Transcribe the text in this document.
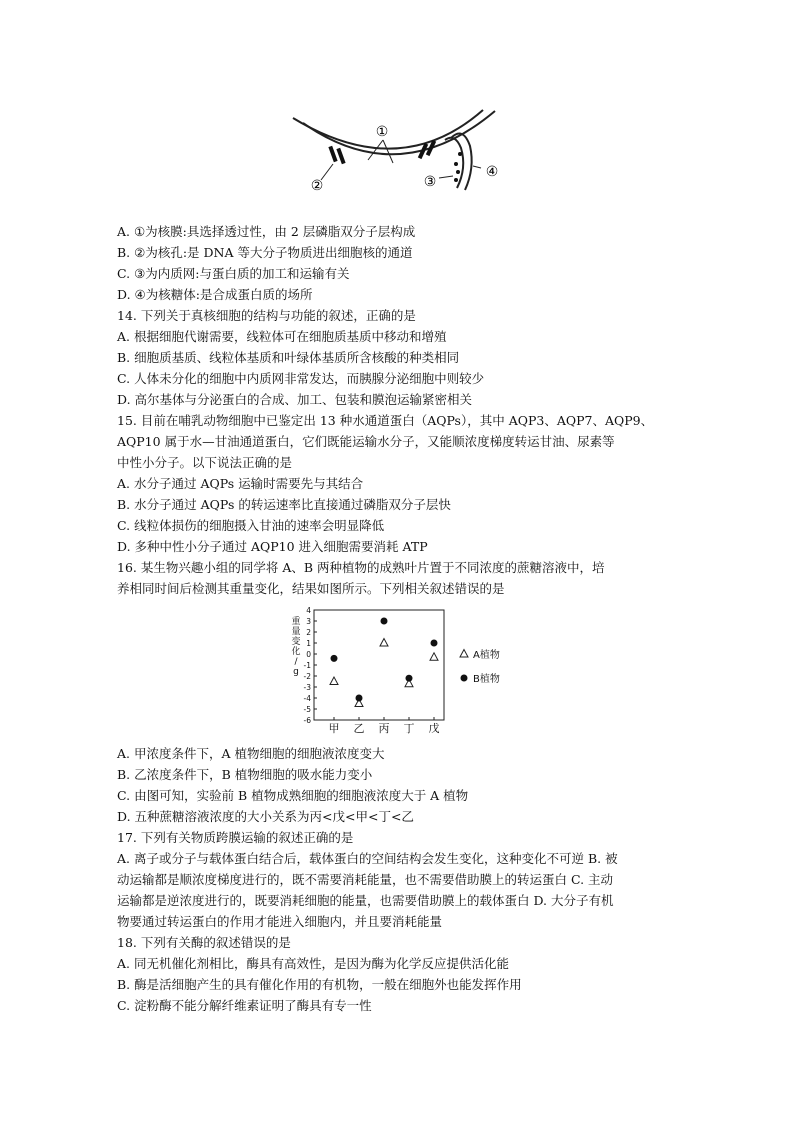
①
②	③
④
A. ①为核膜:具选择透过性，由 2 层磷脂双分子层构成
B. ②为核孔:是 DNA 等大分子物质进出细胞核的通道
C. ③为内质网:与蛋白质的加工和运输有关
D. ④为核糖体:是合成蛋白质的场所
14. 下列关于真核细胞的结构与功能的叙述，正确的是
A. 根据细胞代谢需要，线粒体可在细胞质基质中移动和增殖
B. 细胞质基质、线粒体基质和叶绿体基质所含核酸的种类相同
C. 人体未分化的细胞中内质网非常发达，而胰腺分泌细胞中则较少
D. 高尔基体与分泌蛋白的合成、加工、包装和膜泡运输紧密相关
15. 目前在哺乳动物细胞中已鉴定出 13 种水通道蛋白（AQPs），其中 AQP3、AQP7、AQP9、
AQP10 属于水—甘油通道蛋白，它们既能运输水分子，又能顺浓度梯度转运甘油、尿素等
中性小分子。以下说法正确的是
A. 水分子通过 AQPs 运输时需要先与其结合
B. 水分子通过 AQPs 的转运速率比直接通过磷脂双分子层快
C. 线粒体损伤的细胞摄入甘油的速率会明显降低
D. 多种中性小分子通过 AQP10 进入细胞需要消耗 ATP
16. 某生物兴趣小组的同学将 A、B 两种植物的成熟叶片置于不同浓度的蔗糖溶液中，培
养相同时间后检测其重量变化，结果如图所示。下列相关叙述错误的是
4
3
2
1
0
-1
-2
-3
-4
-5
-6
甲 乙 丙 丁 戊
重
量
变
化
/
g
A植物
B植物
A. 甲浓度条件下，A 植物细胞的细胞液浓度变大
B. 乙浓度条件下，B 植物细胞的吸水能力变小
C. 由图可知，实验前 B 植物成熟细胞的细胞液浓度大于 A 植物
D. 五种蔗糖溶液浓度的大小关系为丙<戊<甲<丁<乙
17. 下列有关物质跨膜运输的叙述正确的是
A. 离子或分子与载体蛋白结合后，载体蛋白的空间结构会发生变化，这种变化不可逆 B. 被
动运输都是顺浓度梯度进行的，既不需要消耗能量，也不需要借助膜上的转运蛋白 C. 主动
运输都是逆浓度进行的，既要消耗细胞的能量，也需要借助膜上的载体蛋白 D. 大分子有机
物要通过转运蛋白的作用才能进入细胞内，并且要消耗能量
18. 下列有关酶的叙述错误的是
A. 同无机催化剂相比，酶具有高效性，是因为酶为化学反应提供活化能
B. 酶是活细胞产生的具有催化作用的有机物，一般在细胞外也能发挥作用
C. 淀粉酶不能分解纤维素证明了酶具有专一性
